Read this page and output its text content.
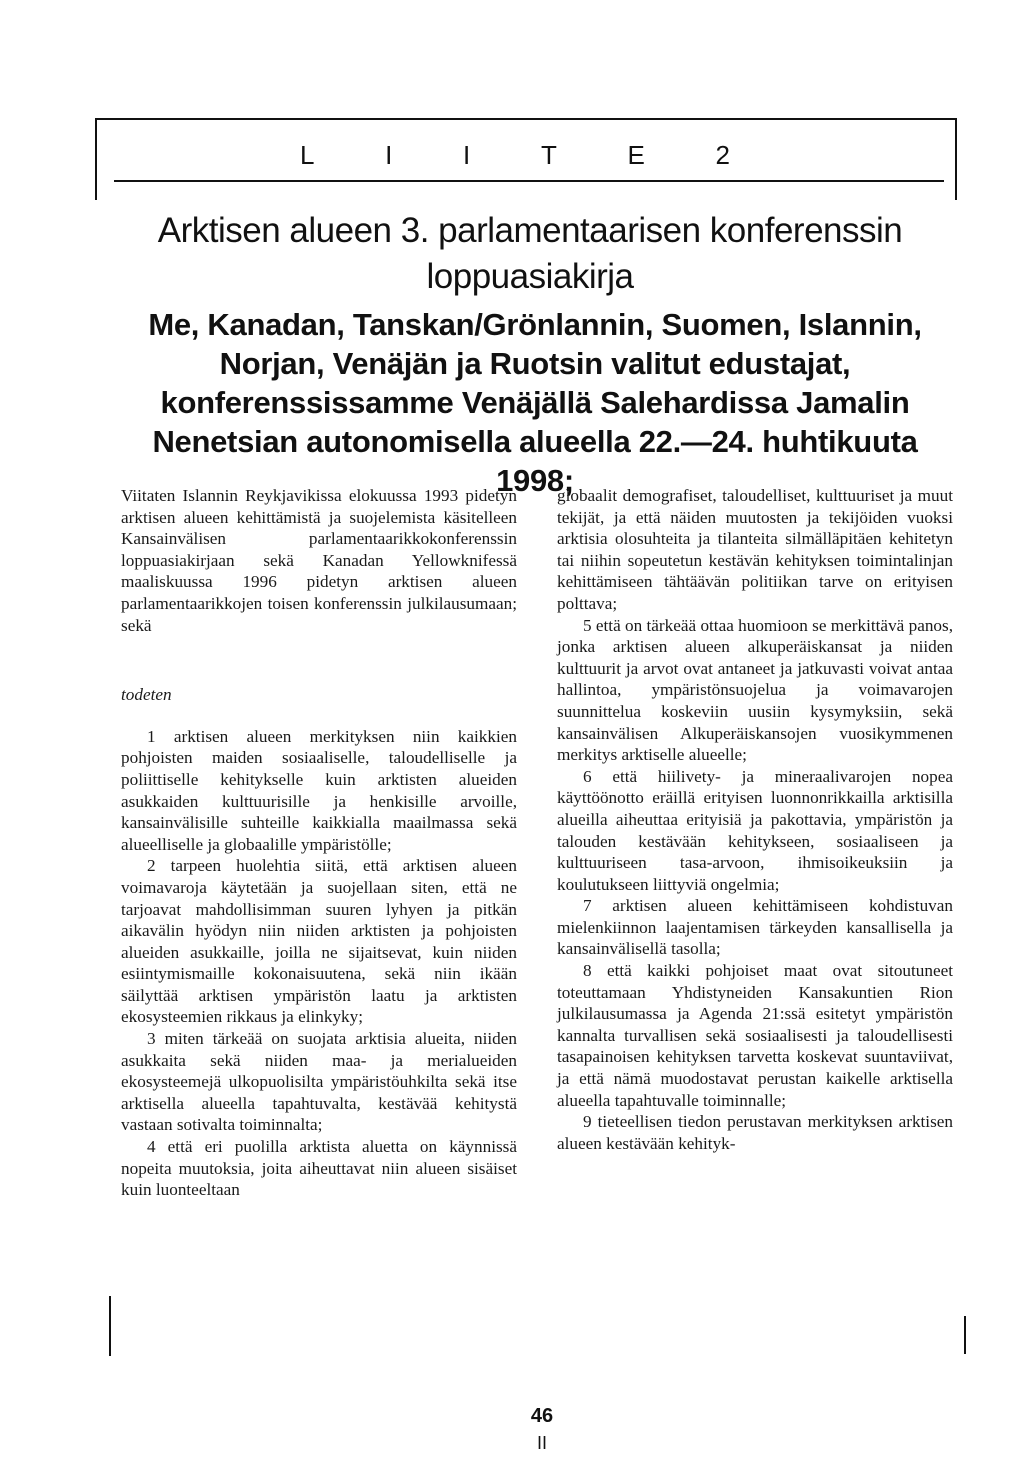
L	I	I	T	E	2
Arktisen alueen 3. parlamentaarisen konferenssin loppuasiakirja
Me, Kanadan, Tanskan/Grönlannin, Suomen, Islannin, Norjan, Venäjän ja Ruotsin valitut edustajat, konferenssissamme Venäjällä Salehardissa Jamalin Nenetsian autonomisella alueella 22.—24. huhtikuuta 1998;

Viitaten Islannin Reykjavikissa elokuussa 1993 pidetyn arktisen alueen kehittämistä ja suojelemista käsitelleen Kansainvälisen parlamentaarikkokonferenssin loppuasiakirjaan sekä Kanadan Yellowknifessä maaliskuussa 1996 pidetyn arktisen alueen parlamentaarikkojen toisen konferenssin julkilausumaan; sekä

todeten

1 arktisen alueen merkityksen niin kaikkien pohjoisten maiden sosiaaliselle, taloudelliselle ja poliittiselle kehitykselle kuin arktisten alueiden asukkaiden kulttuurisille ja henkisille arvoille, kansainvälisille suhteille kaikkialla maailmassa sekä alueelliselle ja globaalille ympäristölle;

2 tarpeen huolehtia siitä, että arktisen alueen voimavaroja käytetään ja suojellaan siten, että ne tarjoavat mahdollisimman suuren lyhyen ja pitkän aikavälin hyödyn niin niiden arktisten ja pohjoisten alueiden asukkaille, joilla ne sijaitsevat, kuin niiden esiintymismaille kokonaisuutena, sekä niin ikään säilyttää arktisen ympäristön laatu ja arktisten ekosysteemien rikkaus ja elinkyky;

3 miten tärkeää on suojata arktisia alueita, niiden asukkaita sekä niiden maa- ja merialueiden ekosysteemejä ulkopuolisilta ympäristöuhkilta sekä itse arktisella alueella tapahtuvalta, kestävää kehitystä vastaan sotivalta toiminnalta;

4 että eri puolilla arktista aluetta on käynnissä nopeita muutoksia, joita aiheuttavat niin alueen sisäiset kuin luonteeltaan

globaalit demografiset, taloudelliset, kulttuuriset ja muut tekijät, ja että näiden muutosten ja tekijöiden vuoksi arktisia olosuhteita ja tilanteita silmälläpitäen kehitetyn tai niihin sopeutetun kestävän kehityksen toimintalinjan kehittämiseen tähtäävän politiikan tarve on erityisen polttava;

5 että on tärkeää ottaa huomioon se merkittävä panos, jonka arktisen alueen alkuperäiskansat ja niiden kulttuurit ja arvot ovat antaneet ja jatkuvasti voivat antaa hallintoa, ympäristönsuojelua ja voimavarojen suunnittelua koskeviin uusiin kysymyksiin, sekä kansainvälisen Alkuperäiskansojen vuosikymmenen merkitys arktiselle alueelle;

6 että hiilivety- ja mineraalivarojen nopea käyttöönotto eräillä erityisen luonnonrikkailla arktisilla alueilla aiheuttaa erityisiä ja pakottavia, ympäristön ja talouden kestävään kehitykseen, sosiaaliseen ja kulttuuriseen tasa-arvoon, ihmisoikeuksiin ja koulutukseen liittyviä ongelmia;

7 arktisen alueen kehittämiseen kohdistuvan mielenkiinnon laajentamisen tärkeyden kansallisella ja kansainvälisellä tasolla;

8 että kaikki pohjoiset maat ovat sitoutuneet toteuttamaan Yhdistyneiden Kansakuntien Rion julkilausumassa ja Agenda 21:ssä esitetyt ympäristön kannalta turvallisen sekä sosiaalisesti ja taloudellisesti tasapainoisen kehityksen tarvetta koskevat suuntaviivat, ja että nämä muodostavat perustan kaikelle arktisella alueella tapahtuvalle toiminnalle;

9 tieteellisen tiedon perustavan merkityksen arktisen alueen kestävään kehityk-

46
II
